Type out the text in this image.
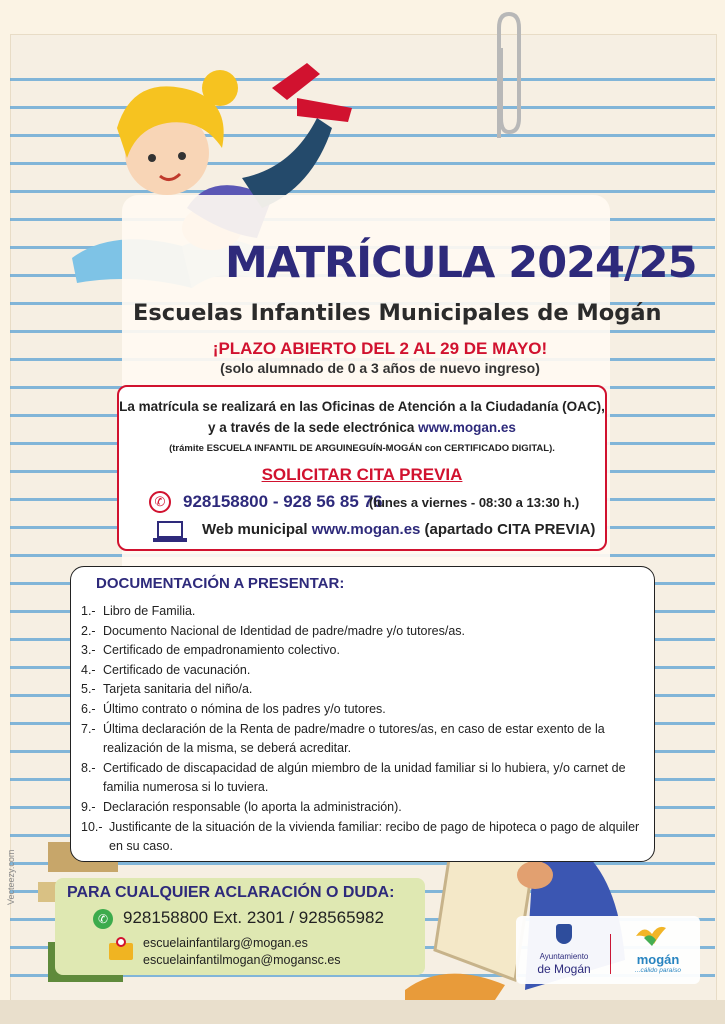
MATRÍCULA 2024/25
Escuelas Infantiles Municipales de Mogán
¡PLAZO ABIERTO DEL 2 AL 29 DE MAYO!
(solo alumnado de 0 a 3 años de nuevo ingreso)
La matrícula se realizará en las Oficinas de Atención a la Ciudadanía (OAC),
y a través de la sede electrónica www.mogan.es
(trámite ESCUELA INFANTIL DE ARGUINEGUÍN-MOGÁN con CERTIFICADO DIGITAL).
SOLICITAR CITA PREVIA
✆	928158800 - 928 56 85 76
(lunes a viernes - 08:30 a 13:30 h.)
Web municipal www.mogan.es (apartado CITA PREVIA)
DOCUMENTACIÓN A PRESENTAR:
1.- Libro de Familia.
2.- Documento Nacional de Identidad de padre/madre y/o tutores/as.
3.- Certificado de empadronamiento colectivo.
4.- Certificado de vacunación.
5.- Tarjeta sanitaria del niño/a.
6.- Último contrato o nómina de los padres y/o tutores.
7.- Última declaración de la Renta de padre/madre o tutores/as, en caso de estar exento de la realización de la misma, se deberá acreditar.
8.- Certificado de discapacidad de algún miembro de la unidad familiar si lo hubiera, y/o carnet de familia numerosa si lo tuviera.
9.- Declaración responsable (lo aporta la administración).
10.- Justificante de la situación de la vivienda familiar: recibo de pago de hipoteca o pago de alquiler en su caso.
PARA CUALQUIER ACLARACIÓN O DUDA:
✆ 928158800 Ext. 2301 / 928565982
escuelainfantilarg@mogan.es
escuelainfantilmogan@mogansc.es	Ayuntamiento
de Mogán
mogán
...cálido paraíso
Vecteezy.com
